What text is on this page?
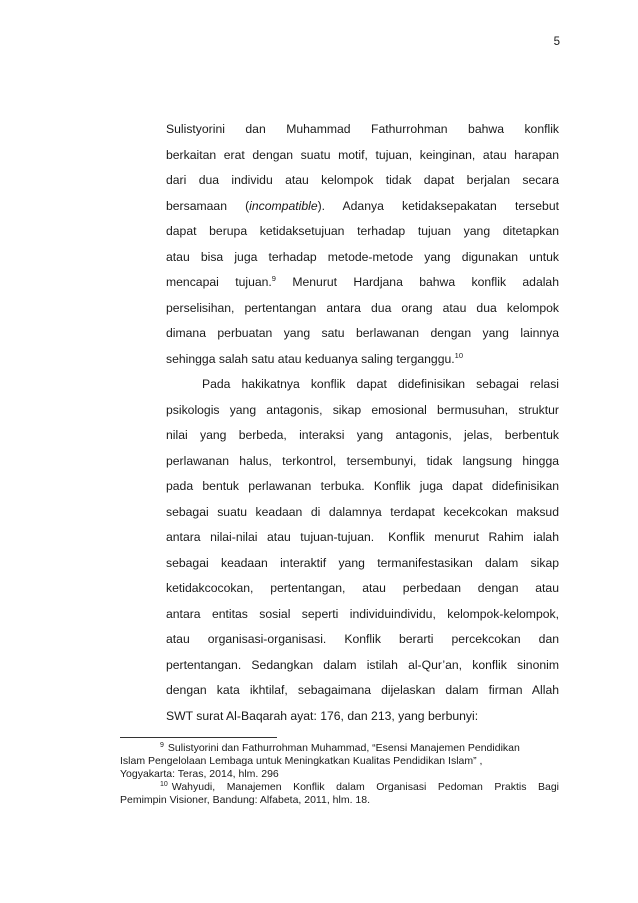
5
Sulistyorini dan Muhammad Fathurrohman bahwa konflik
berkaitan erat dengan suatu motif, tujuan, keinginan, atau harapan
dari dua individu atau kelompok tidak dapat berjalan secara
bersamaan (incompatible). Adanya ketidaksepakatan tersebut
dapat berupa ketidaksetujuan terhadap tujuan yang ditetapkan
atau bisa juga terhadap metode-metode yang digunakan untuk
mencapai tujuan.$^9$ Menurut Hardjana bahwa konflik adalah
perselisihan, pertentangan antara dua orang atau dua kelompok
dimana perbuatan yang satu berlawanan dengan yang lainnya
sehingga salah satu atau keduanya saling terganggu.$^{10}$
Pada hakikatnya konflik dapat didefinisikan sebagai relasi
psikologis yang antagonis, sikap emosional bermusuhan, struktur
nilai yang berbeda, interaksi yang antagonis, jelas, berbentuk
perlawanan halus, terkontrol, tersembunyi, tidak langsung hingga
pada bentuk perlawanan terbuka. Konflik juga dapat didefinisikan
sebagai suatu keadaan di dalamnya terdapat kecekcokan maksud
antara nilai-nilai atau tujuan-tujuan. Konflik menurut Rahim ialah
sebagai keadaan interaktif yang termanifestasikan dalam sikap
ketidakcocokan, pertentangan, atau perbedaan dengan atau
antara entitas sosial seperti individuindividu, kelompok-kelompok,
atau organisasi-organisasi. Konflik berarti percekcokan dan
pertentangan. Sedangkan dalam istilah al-Qur’an, konflik sinonim
dengan kata ikhtilaf, sebagaimana dijelaskan dalam firman Allah
SWT surat Al-Baqarah ayat: 176, dan 213, yang berbunyi:
$^9$ Sulistyorini dan Fathurrohman Muhammad, “Esensi Manajemen Pendidikan
Islam Pengelolaan Lembaga untuk Meningkatkan Kualitas Pendidikan Islam” ,
Yogyakarta: Teras, 2014, hlm. 296
$^{10}$ Wahyudi, Manajemen Konflik dalam Organisasi Pedoman Praktis Bagi
Pemimpin Visioner, Bandung: Alfabeta, 2011, hlm. 18.
